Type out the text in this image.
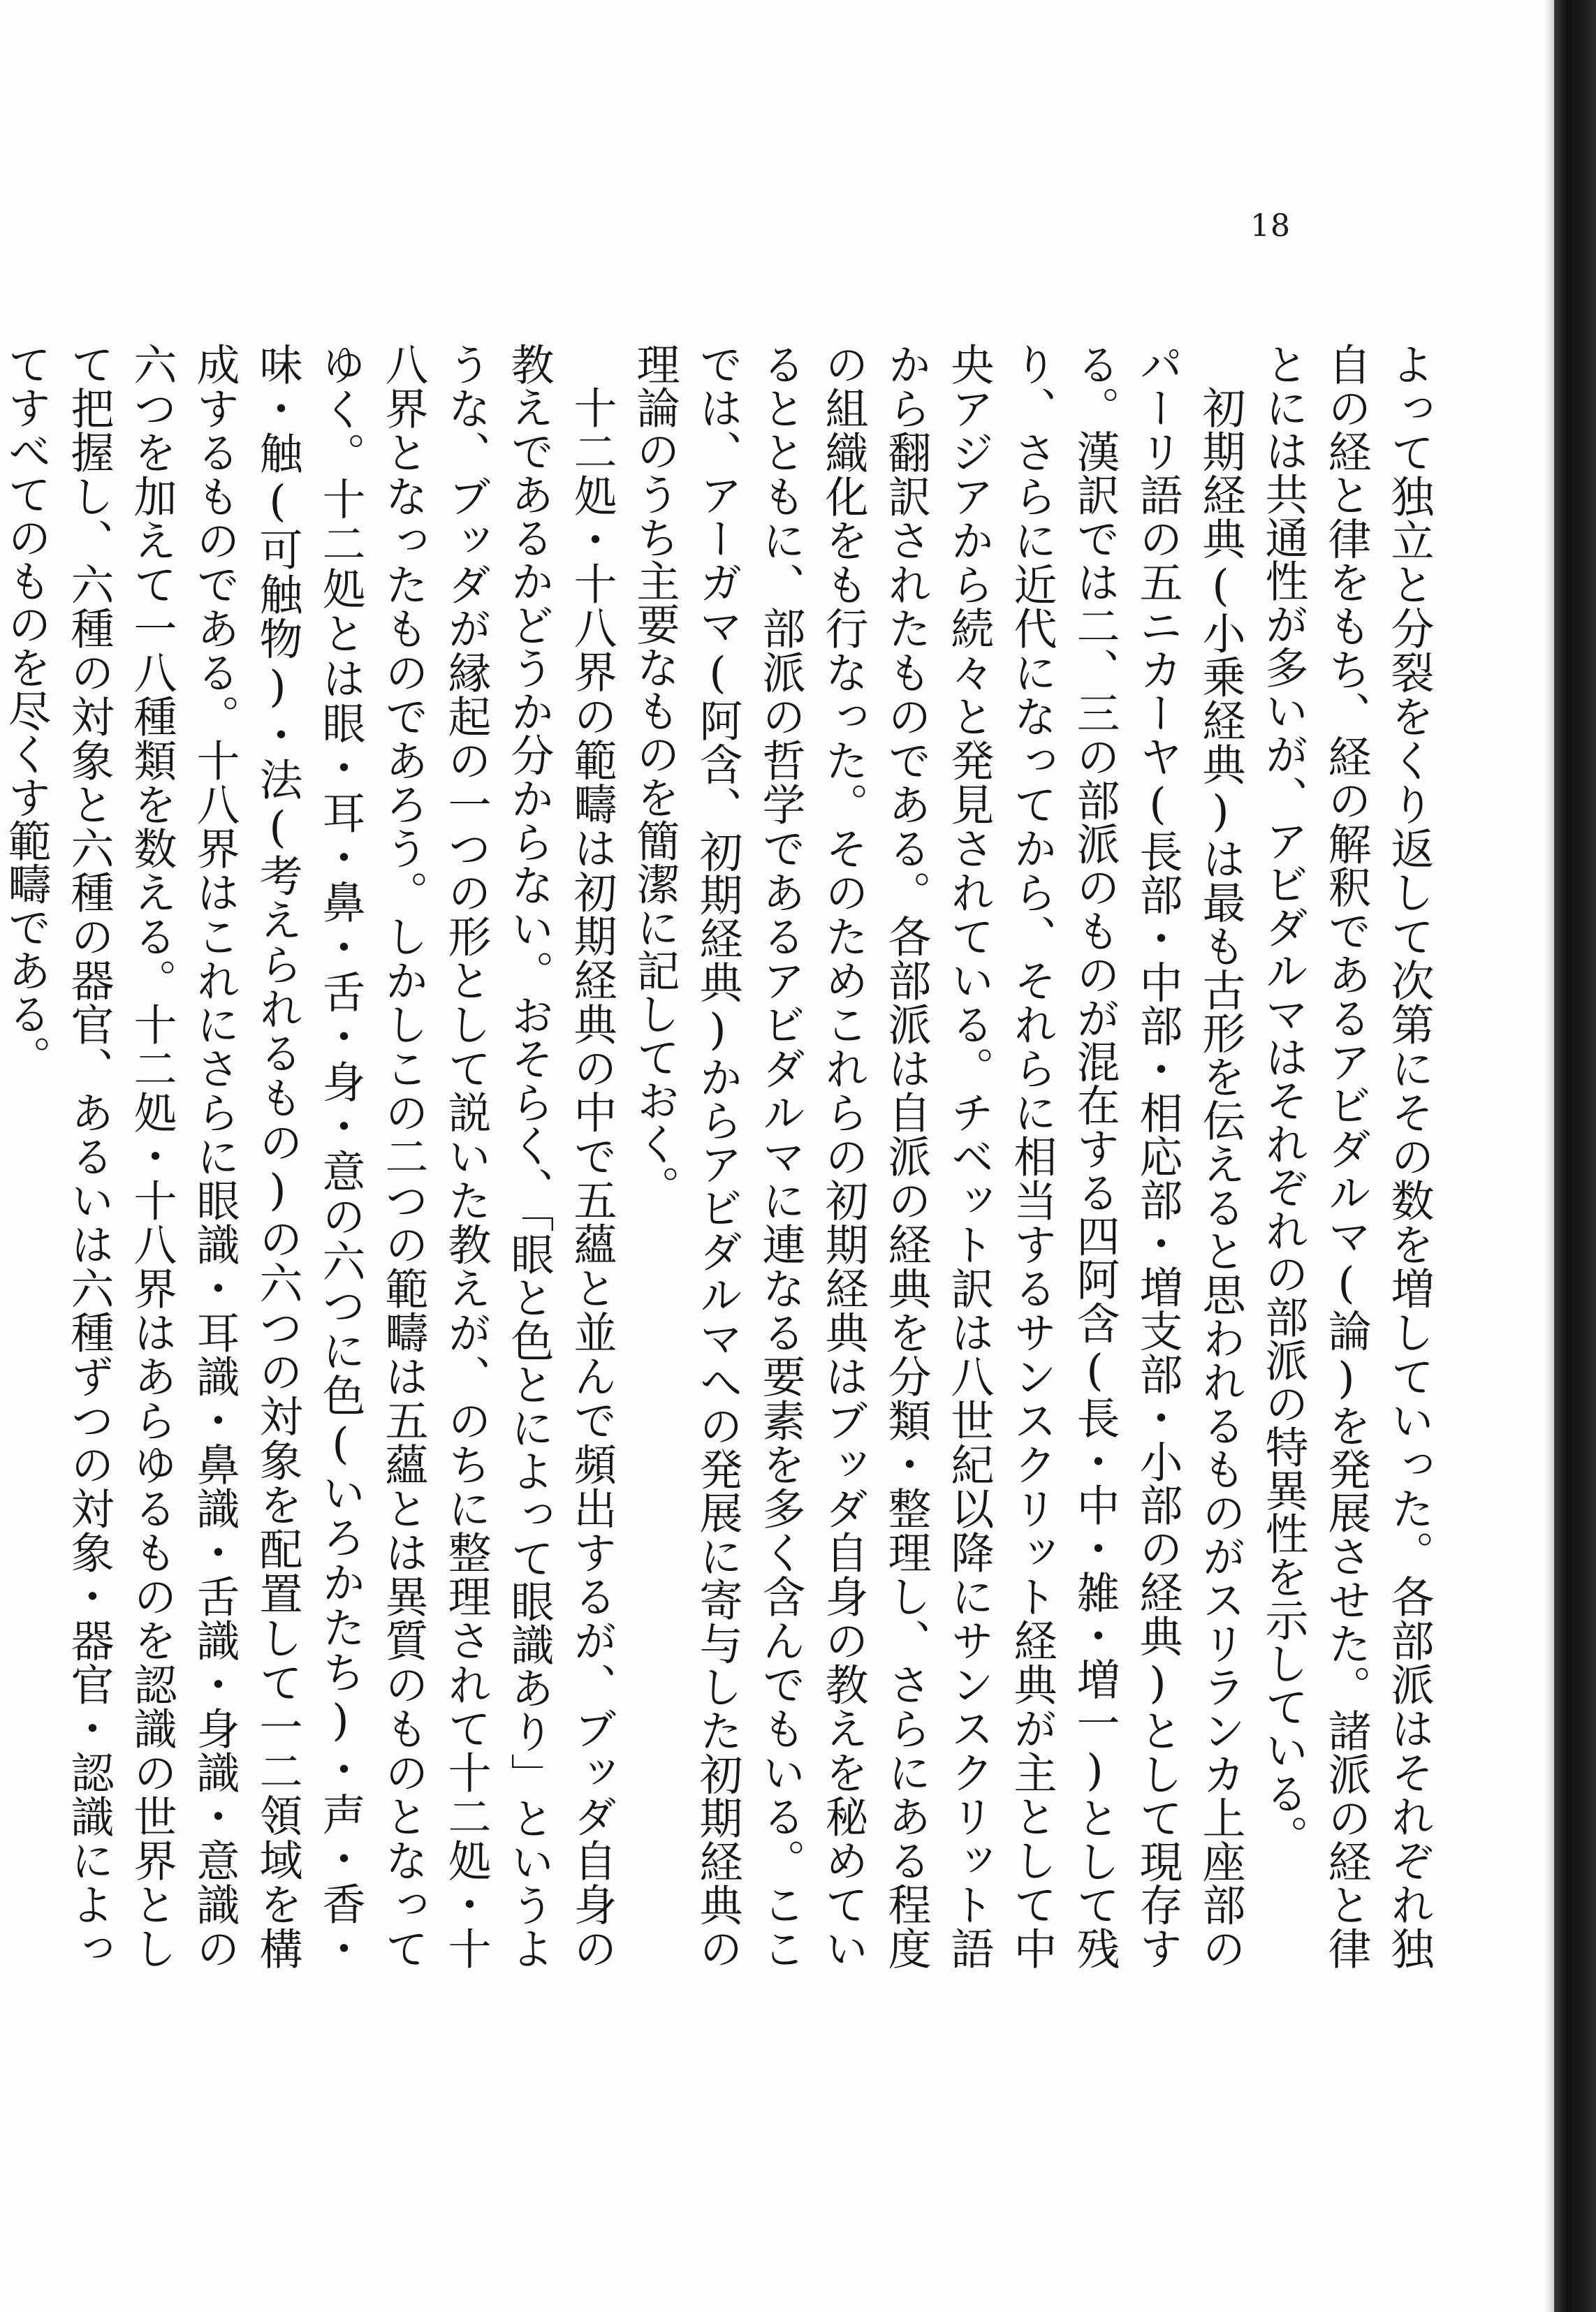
18

よって独立と分裂をくり返して次第にその数を増していった。各部派はそれぞれ独自の経と律をもち、経の解釈であるアビダルマ(論)を発展させた。諸派の経と律とには共通性が多いが、アビダルマはそれぞれの部派の特異性を示している。

初期経典(小乗経典)は最も古形を伝えると思われるものがスリランカ上座部のパーリ語の五ニカーヤ(長部・中部・相応部・増支部・小部の経典)として現存する。漢訳では二、三の部派のものが混在する四阿含(長・中・雑・増一)として残り、さらに近代になってから、それらに相当するサンスクリット経典が主として中央アジアから続々と発見されている。チベット訳は八世紀以降にサンスクリット語から翻訳されたものである。各部派は自派の経典を分類・整理し、さらにある程度の組織化をも行なった。そのためこれらの初期経典はブッダ自身の教えを秘めているとともに、部派の哲学であるアビダルマに連なる要素を多く含んでもいる。ここでは、アーガマ(阿含、初期経典)からアビダルマへの発展に寄与した初期経典の理論のうち主要なものを簡潔に記しておく。

十二処・十八界の範疇は初期経典の中で五蘊と並んで頻出するが、ブッダ自身の教えであるかどうか分からない。おそらく、「眼と色とによって眼識あり」というような、ブッダが縁起の一つの形として説いた教えが、のちに整理されて十二処・十八界となったものであろう。しかしこの二つの範疇は五蘊とは異質のものとなってゆく。十二処とは眼・耳・鼻・舌・身・意の六つに色(いろかたち)・声・香・味・触(可触物)・法(考えられるもの)の六つの対象を配置して一二領域を構成するものである。十八界はこれにさらに眼識・耳識・鼻識・舌識・身識・意識の六つを加えて一八種類を数える。十二処・十八界はあらゆるものを認識の世界として把握し、六種の対象と六種の器官、あるいは六種ずつの対象・器官・認識によってすべてのものを尽くす範疇である。
